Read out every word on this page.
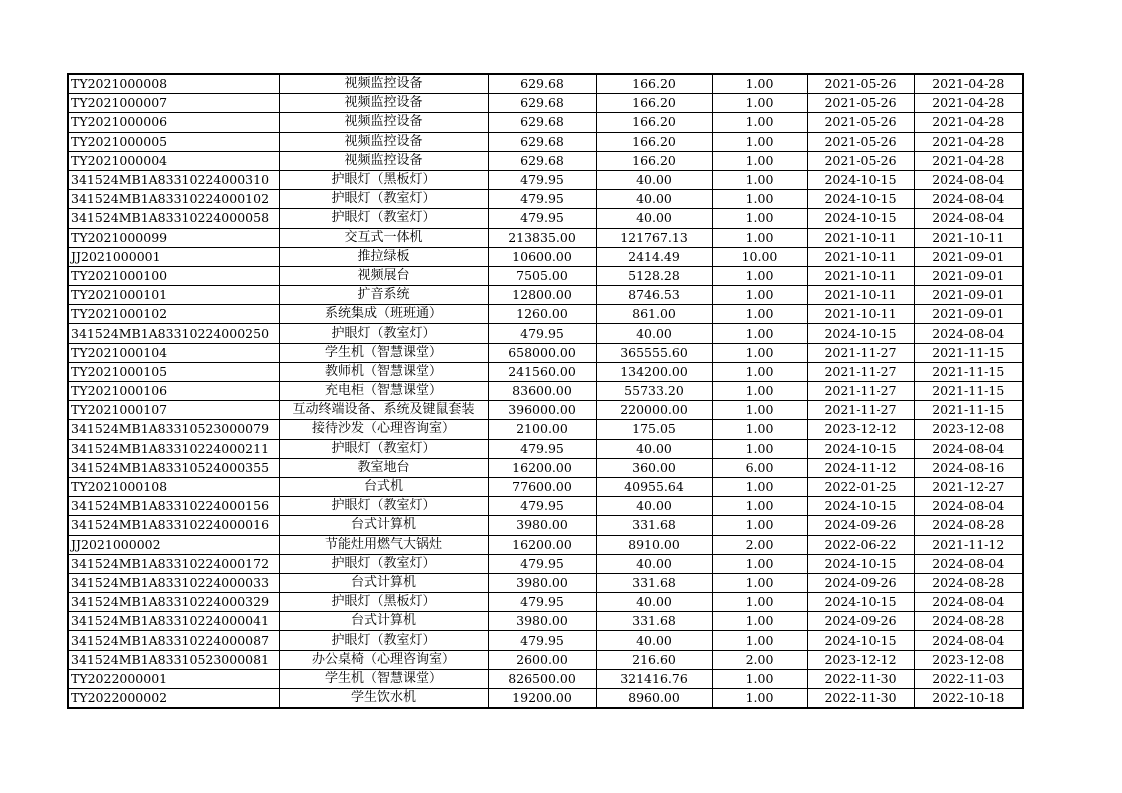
TY2021000008	视频监控设备	629.68	166.20	1.00	2021-05-26	2021-04-28
TY2021000007	视频监控设备	629.68	166.20	1.00	2021-05-26	2021-04-28
TY2021000006	视频监控设备	629.68	166.20	1.00	2021-05-26	2021-04-28
TY2021000005	视频监控设备	629.68	166.20	1.00	2021-05-26	2021-04-28
TY2021000004	视频监控设备	629.68	166.20	1.00	2021-05-26	2021-04-28
341524MB1A83310224000310	护眼灯（黑板灯）	479.95	40.00	1.00	2024-10-15	2024-08-04
341524MB1A83310224000102	护眼灯（教室灯）	479.95	40.00	1.00	2024-10-15	2024-08-04
341524MB1A83310224000058	护眼灯（教室灯）	479.95	40.00	1.00	2024-10-15	2024-08-04
TY2021000099	交互式一体机	213835.00	121767.13	1.00	2021-10-11	2021-10-11
JJ2021000001	推拉绿板	10600.00	2414.49	10.00	2021-10-11	2021-09-01
TY2021000100	视频展台	7505.00	5128.28	1.00	2021-10-11	2021-09-01
TY2021000101	扩音系统	12800.00	8746.53	1.00	2021-10-11	2021-09-01
TY2021000102	系统集成（班班通）	1260.00	861.00	1.00	2021-10-11	2021-09-01
341524MB1A83310224000250	护眼灯（教室灯）	479.95	40.00	1.00	2024-10-15	2024-08-04
TY2021000104	学生机（智慧课堂）	658000.00	365555.60	1.00	2021-11-27	2021-11-15
TY2021000105	教师机（智慧课堂）	241560.00	134200.00	1.00	2021-11-27	2021-11-15
TY2021000106	充电柜（智慧课堂）	83600.00	55733.20	1.00	2021-11-27	2021-11-15
TY2021000107	互动终端设备、系统及键鼠套装	396000.00	220000.00	1.00	2021-11-27	2021-11-15
341524MB1A83310523000079	接待沙发（心理咨询室）	2100.00	175.05	1.00	2023-12-12	2023-12-08
341524MB1A83310224000211	护眼灯（教室灯）	479.95	40.00	1.00	2024-10-15	2024-08-04
341524MB1A83310524000355	教室地台	16200.00	360.00	6.00	2024-11-12	2024-08-16
TY2021000108	台式机	77600.00	40955.64	1.00	2022-01-25	2021-12-27
341524MB1A83310224000156	护眼灯（教室灯）	479.95	40.00	1.00	2024-10-15	2024-08-04
341524MB1A83310224000016	台式计算机	3980.00	331.68	1.00	2024-09-26	2024-08-28
JJ2021000002	节能灶用燃气大锅灶	16200.00	8910.00	2.00	2022-06-22	2021-11-12
341524MB1A83310224000172	护眼灯（教室灯）	479.95	40.00	1.00	2024-10-15	2024-08-04
341524MB1A83310224000033	台式计算机	3980.00	331.68	1.00	2024-09-26	2024-08-28
341524MB1A83310224000329	护眼灯（黑板灯）	479.95	40.00	1.00	2024-10-15	2024-08-04
341524MB1A83310224000041	台式计算机	3980.00	331.68	1.00	2024-09-26	2024-08-28
341524MB1A83310224000087	护眼灯（教室灯）	479.95	40.00	1.00	2024-10-15	2024-08-04
341524MB1A83310523000081	办公桌椅（心理咨询室）	2600.00	216.60	2.00	2023-12-12	2023-12-08
TY2022000001	学生机（智慧课堂）	826500.00	321416.76	1.00	2022-11-30	2022-11-03
TY2022000002	学生饮水机	19200.00	8960.00	1.00	2022-11-30	2022-10-18
